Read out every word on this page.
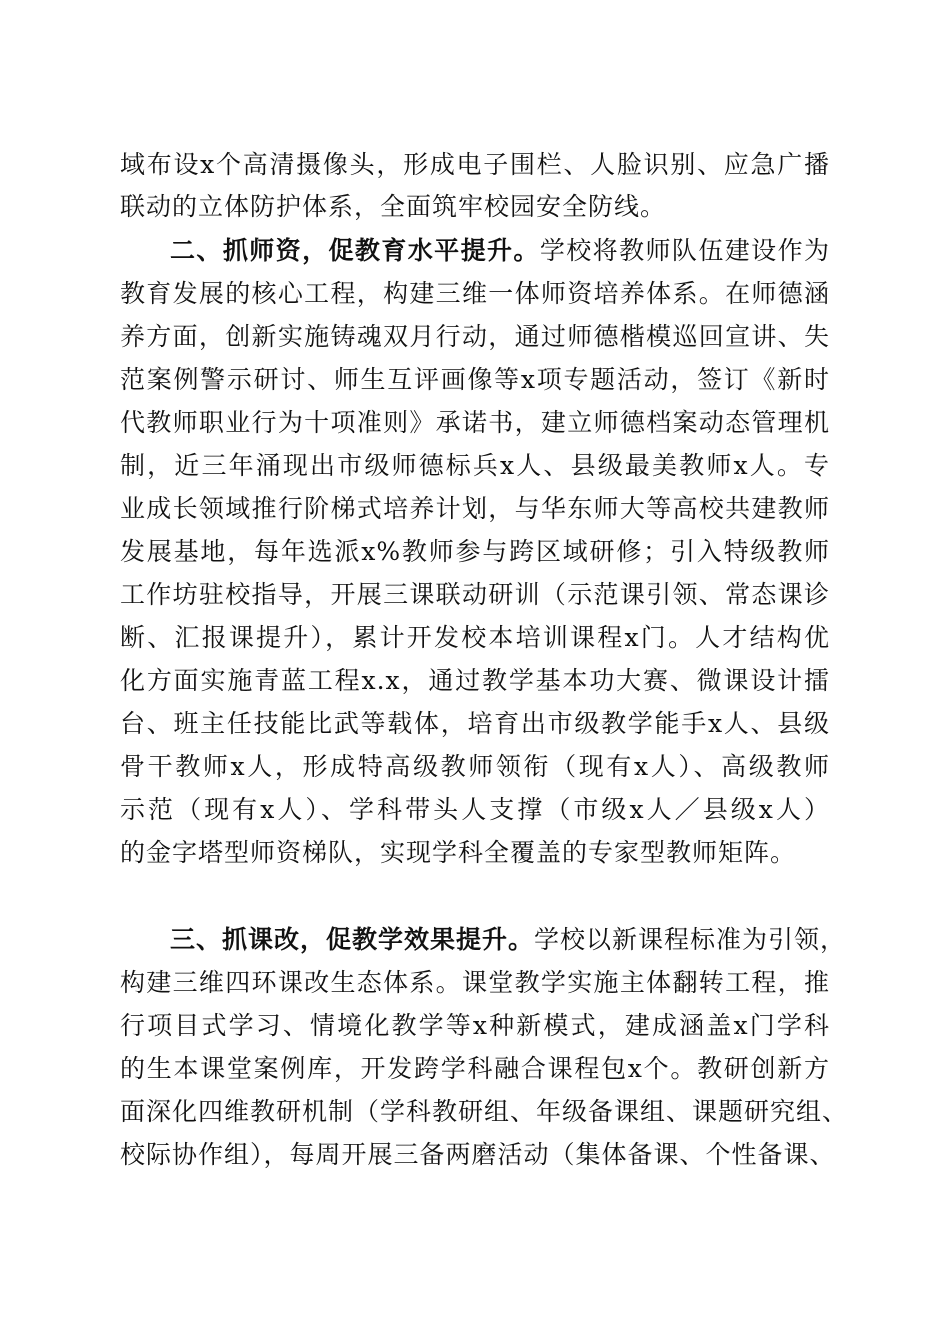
域布设x个高清摄像头，形成电子围栏、人脸识别、应急广播
联动的立体防护体系，全面筑牢校园安全防线。
二、抓师资，促教育水平提升。学校将教师队伍建设作为
教育发展的核心工程，构建三维一体师资培养体系。在师德涵
养方面，创新实施铸魂双月行动，通过师德楷模巡回宣讲、失
范案例警示研讨、师生互评画像等x项专题活动，签订《新时
代教师职业行为十项准则》承诺书，建立师德档案动态管理机
制，近三年涌现出市级师德标兵x人、县级最美教师x人。专
业成长领域推行阶梯式培养计划，与华东师大等高校共建教师
发展基地，每年选派x%教师参与跨区域研修；引入特级教师
工作坊驻校指导，开展三课联动研训（示范课引领、常态课诊
断、汇报课提升），累计开发校本培训课程x门。人才结构优
化方面实施青蓝工程x.x，通过教学基本功大赛、微课设计擂
台、班主任技能比武等载体，培育出市级教学能手x人、县级
骨干教师x人，形成特高级教师领衔（现有x人）、高级教师
示范（现有x人）、学科带头人支撑（市级x人／县级x人）
的金字塔型师资梯队，实现学科全覆盖的专家型教师矩阵。
三、抓课改，促教学效果提升。学校以新课程标准为引领，
构建三维四环课改生态体系。课堂教学实施主体翻转工程，推
行项目式学习、情境化教学等x种新模式，建成涵盖x门学科
的生本课堂案例库，开发跨学科融合课程包x个。教研创新方
面深化四维教研机制（学科教研组、年级备课组、课题研究组、
校际协作组），每周开展三备两磨活动（集体备课、个性备课、
